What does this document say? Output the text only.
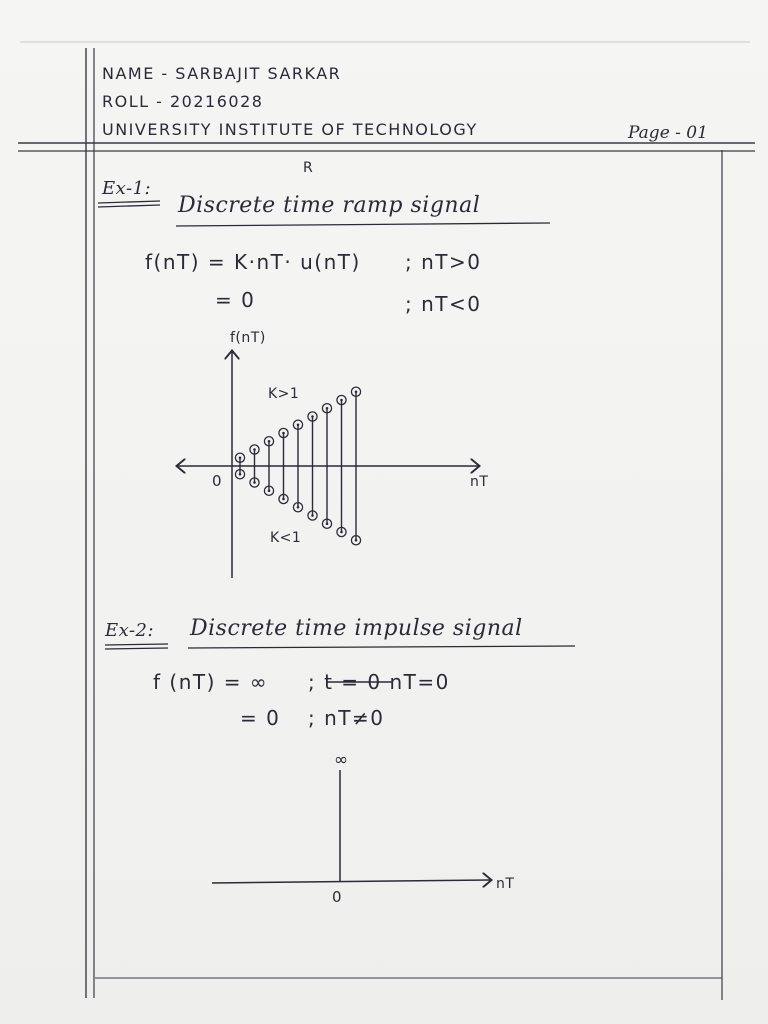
NAME - SARBAJIT SARKAR
ROLL - 20216028
UNIVERSITY INSTITUTE OF TECHNOLOGY	Page - 01
R
Ex-1:
Discrete time ramp signal
f(nT) = K·nT· u(nT) ; nT>0
= 0	; nT<0
f(nT)
nT
0
K>1
K<1
Ex-2: Discrete time impulse signal
f (nT) = ∞ ; t = 0 nT=0
= 0 ; nT≠0
∞
nT
0
